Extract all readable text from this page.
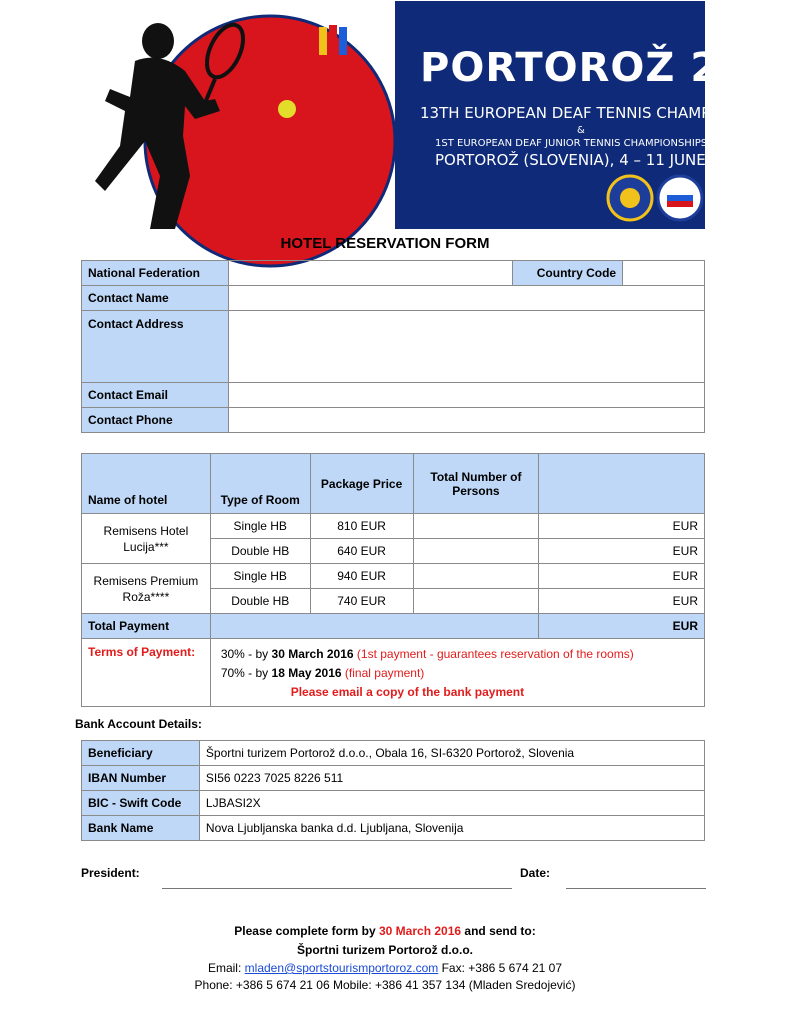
PORTOROŽ 2016
13TH EUROPEAN DEAF TENNIS CHAMPIONSHIPS
&
1ST EUROPEAN DEAF JUNIOR TENNIS CHAMPIONSHIPS
PORTOROŽ (SLOVENIA), 4 – 11 JUNE 2016
HOTEL RESERVATION FORM
National Federation		Country Code	
Contact Name			
Contact Address			
Contact Email			
Contact Phone			
Name of hotel	Type of Room	Package Price	Total Number of Persons	
Remisens Hotel Lucija***	Single HB	810 EUR		EUR
	Double HB	640 EUR		EUR
Remisens Premium Roža****	Single HB	940 EUR		EUR
	Double HB	740 EUR		EUR
Total Payment				EUR
Terms of Payment:	30% - by 30 March 2016 (1st payment - guarantees reservation of the rooms)
70% - by 18 May 2016 (final payment)
Please email a copy of the bank payment			
Bank Account Details:
Beneficiary	Športni turizem Portorož d.o.o., Obala 16, SI-6320 Portorož, Slovenia
IBAN Number	SI56 0223 7025 8226 511
BIC - Swift Code	LJBASI2X
Bank Name	Nova Ljubljanska banka d.d. Ljubljana, Slovenija
President:	Date:
Please complete form by 30 March 2016 and send to:
Športni turizem Portorož d.o.o.
Email: mladen@sportstourismportoroz.com Fax: +386 5 674 21 07
Phone: +386 5 674 21 06 Mobile: +386 41 357 134 (Mladen Sredojević)
